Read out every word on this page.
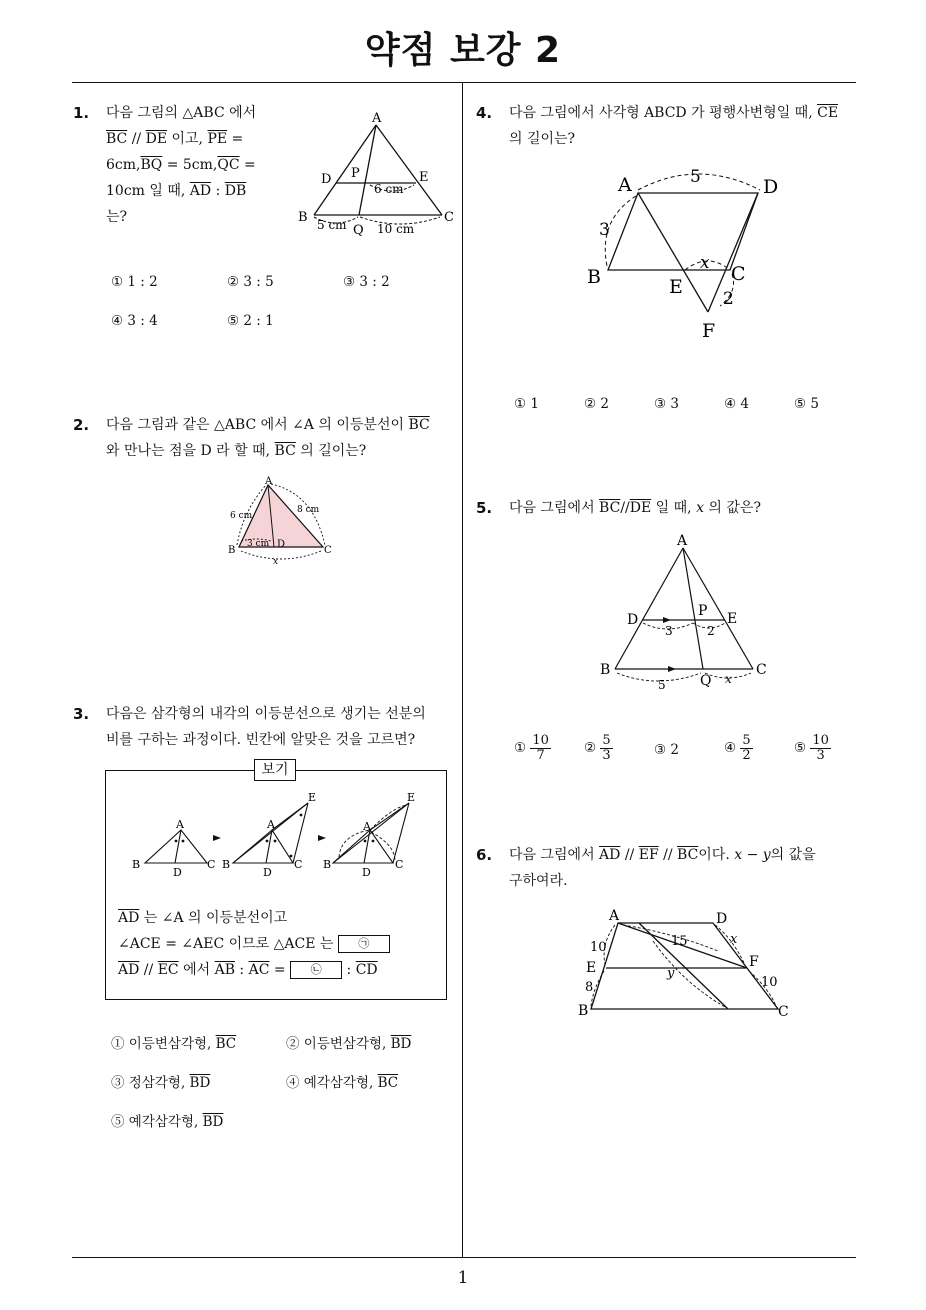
약점 보강 2
1
1. 다음 그림의 △ABC 에서
$\overline{BC} // \overline{DE}$ 이고, $\overline{PE}$ =
$6cm,\overline{BQ} = 5cm,\overline{QC}$ =
10cm 일 때, $\overline{AD}$ : $\overline{DB}$
는?
A
B	C
D	E
P
Q
6 cm
5 cm	10 cm
① 1 : 2	② 3 : 5	③ 3 : 2
④ 3 : 4	⑤ 2 : 1
2. 다음 그림과 같은 △ABC 에서 ∠A 의 이등분선이 $\overline{BC}$
와 만나는 점을 D 라 할 때, $\overline{BC}$ 의 길이는?
A
B	C
D
6 cm
8 cm
3 cm
x
3. 다음은 삼각형의 내각의 이등분선으로 생기는 선분의
비를 구하는 과정이다. 빈칸에 알맞은 것을 고르면?
보기
A
B	C
D
A
B	C
D
E
A
B	C
D
E
$\overline{AD}$ 는 ∠A 의 이등분선이고
∠ACE = ∠AEC 이므로 △ACE 는 ㉠
$\overline{AD} // \overline{EC}$ 에서 $\overline{AB}$ : $\overline{AC}$ = ㉡ : $\overline{CD}$
① 이등변삼각형, $\overline{BC}$	② 이등변삼각형, $\overline{BD}$
③ 정삼각형, $\overline{BD}$	④ 예각삼각형, $\overline{BC}$
⑤ 예각삼각형, $\overline{BD}$
4. 다음 그림에서 사각형 ABCD 가 평행사변형일 때, $\overline{CE}$
의 길이는?
A	D
B	E
C
F
5
3
x
2
① 1	② 2	③ 3	④ 4	⑤ 5
5. 다음 그림에서 $\overline{BC}//\overline{DE}$ 일 때, x 의 값은?
A
B	C
D	E
P
Q
3	2
5	x
① $\frac{10}{7}$ ② $\frac{5}{3}$	③ 2	④ $\frac{5}{2}$	⑤ $\frac{10}{3}$
6. 다음 그림에서 $\overline{AD} // \overline{EF} // \overline{BC}$이다. x − y의 값을
구하여라.
A	D
E	F
B	C
10
8
15	x
y
10
